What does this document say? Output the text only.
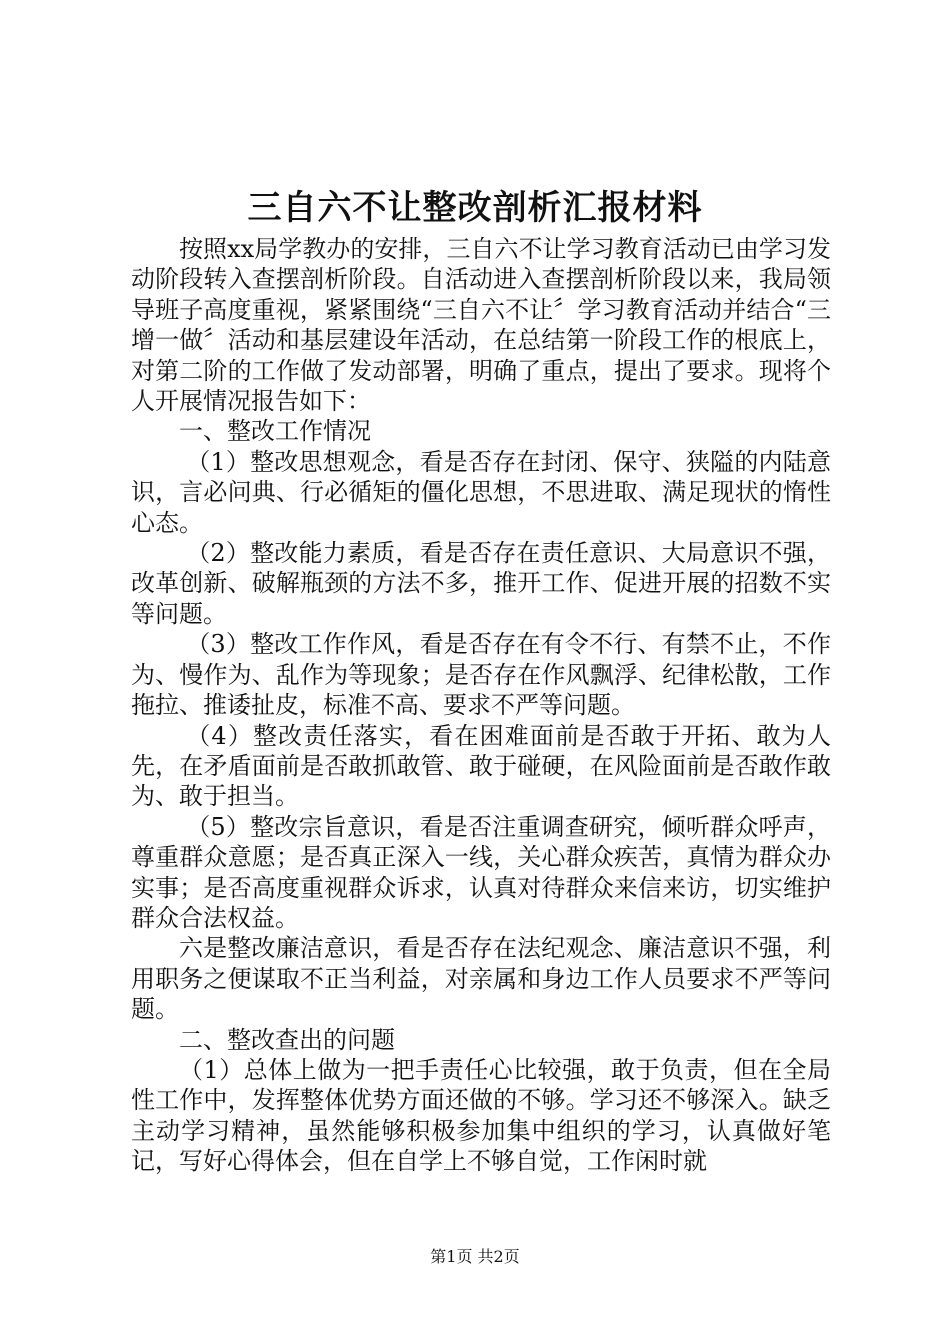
三自六不让整改剖析汇报材料

按照xx局学教办的安排，三自六不让学习教育活动已由学习发动阶段转入查摆剖析阶段。自活动进入查摆剖析阶段以来，我局领导班子高度重视，紧紧围绕“三自六不让〞学习教育活动并结合“三增一做〞活动和基层建设年活动，在总结第一阶段工作的根底上，对第二阶的工作做了发动部署，明确了重点，提出了要求。现将个人开展情况报告如下：

一、整改工作情况

（1）整改思想观念，看是否存在封闭、保守、狭隘的内陆意识，言必问典、行必循矩的僵化思想，不思进取、满足现状的惰性心态。

（2）整改能力素质，看是否存在责任意识、大局意识不强，改革创新、破解瓶颈的方法不多，推开工作、促进开展的招数不实等问题。

（3）整改工作作风，看是否存在有令不行、有禁不止，不作为、慢作为、乱作为等现象；是否存在作风飘浮、纪律松散，工作拖拉、推诿扯皮，标准不高、要求不严等问题。

（4）整改责任落实，看在困难面前是否敢于开拓、敢为人先，在矛盾面前是否敢抓敢管、敢于碰硬，在风险面前是否敢作敢为、敢于担当。

（5）整改宗旨意识，看是否注重调查研究，倾听群众呼声，尊重群众意愿；是否真正深入一线，关心群众疾苦，真情为群众办实事；是否高度重视群众诉求，认真对待群众来信来访，切实维护群众合法权益。

六是整改廉洁意识，看是否存在法纪观念、廉洁意识不强，利用职务之便谋取不正当利益，对亲属和身边工作人员要求不严等问题。

二、整改查出的问题

（1）总体上做为一把手责任心比较强，敢于负责，但在全局性工作中，发挥整体优势方面还做的不够。学习还不够深入。缺乏主动学习精神，虽然能够积极参加集中组织的学习，认真做好笔记，写好心得体会，但在自学上不够自觉，工作闲时就

第1页 共2页
